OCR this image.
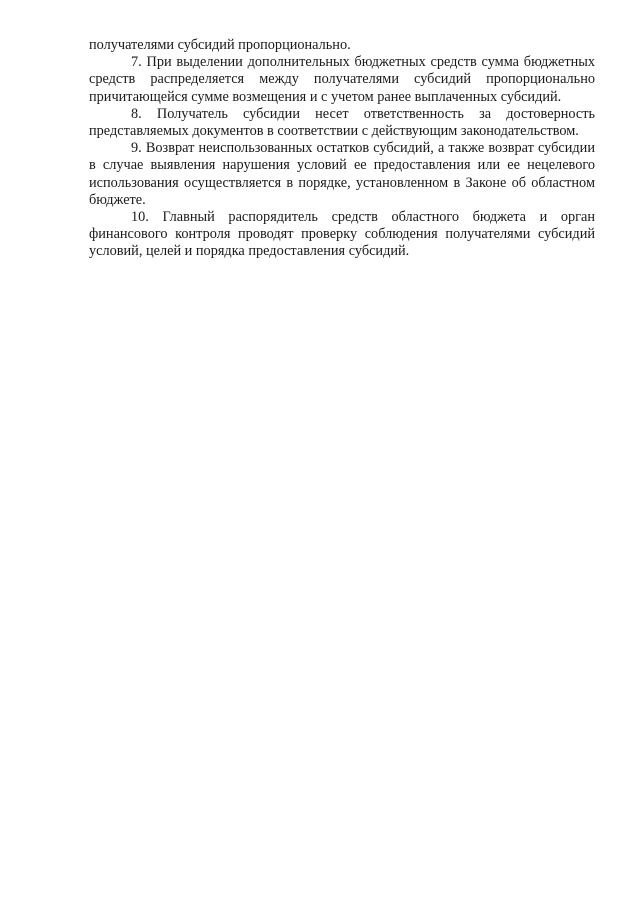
получателями субсидий пропорционально.

7. При выделении дополнительных бюджетных средств сумма бюджетных средств распределяется между получателями субсидий пропорционально причитающейся сумме возмещения и с учетом ранее выплаченных субсидий.

8. Получатель субсидии несет ответственность за достоверность представляемых документов в соответствии с действующим законодательством.

9. Возврат неиспользованных остатков субсидий, а также возврат субсидии в случае выявления нарушения условий ее предоставления или ее нецелевого использования осуществляется в порядке, установленном в Законе об областном бюджете.

10. Главный распорядитель средств областного бюджета и орган финансового контроля проводят проверку соблюдения получателями субсидий условий, целей и порядка предоставления субсидий.
